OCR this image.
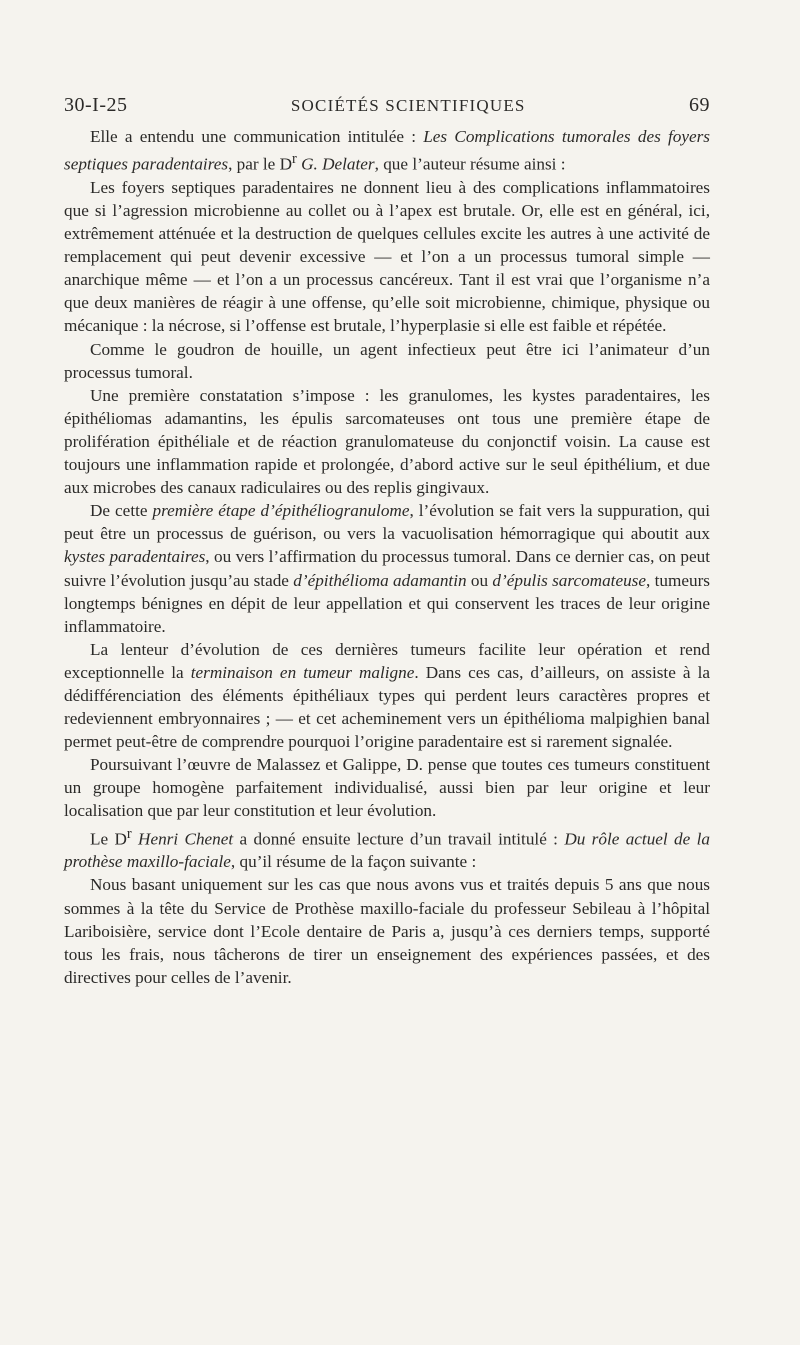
30-I-25	SOCIÉTÉS SCIENTIFIQUES	69

Elle a entendu une communication intitulée : Les Complications tumorales des foyers septiques paradentaires, par le $D^r$ G. Delater, que l’auteur résume ainsi :

Les foyers septiques paradentaires ne donnent lieu à des complications inflammatoires que si l’agression microbienne au collet ou à l’apex est brutale. Or, elle est en général, ici, extrêmement atténuée et la destruction de quelques cellules excite les autres à une activité de remplacement qui peut devenir excessive — et l’on a un processus tumoral simple — anarchique même — et l’on a un processus cancéreux. Tant il est vrai que l’organisme n’a que deux manières de réagir à une offense, qu’elle soit microbienne, chimique, physique ou mécanique : la nécrose, si l’offense est brutale, l’hyperplasie si elle est faible et répétée.

Comme le goudron de houille, un agent infectieux peut être ici l’animateur d’un processus tumoral.

Une première constatation s’impose : les granulomes, les kystes paradentaires, les épithéliomas adamantins, les épulis sarcomateuses ont tous une première étape de prolifération épithéliale et de réaction granulomateuse du conjonctif voisin. La cause est toujours une inflammation rapide et prolongée, d’abord active sur le seul épithélium, et due aux microbes des canaux radiculaires ou des replis gingivaux.

De cette première étape d’épithéliogranulome, l’évolution se fait vers la suppuration, qui peut être un processus de guérison, ou vers la vacuolisation hémorragique qui aboutit aux kystes paradentaires, ou vers l’affirmation du processus tumoral. Dans ce dernier cas, on peut suivre l’évolution jusqu’au stade d’épithélioma adamantin ou d’épulis sarcomateuse, tumeurs longtemps bénignes en dépit de leur appellation et qui conservent les traces de leur origine inflammatoire.

La lenteur d’évolution de ces dernières tumeurs facilite leur opération et rend exceptionnelle la terminaison en tumeur maligne. Dans ces cas, d’ailleurs, on assiste à la dédifférenciation des éléments épithéliaux types qui perdent leurs caractères propres et redeviennent embryonnaires ; — et cet acheminement vers un épithélioma malpighien banal permet peut-être de comprendre pourquoi l’origine paradentaire est si rarement signalée.

Poursuivant l’œuvre de Malassez et Galippe, D. pense que toutes ces tumeurs constituent un groupe homogène parfaitement individualisé, aussi bien par leur origine et leur localisation que par leur constitution et leur évolution.

Le $D^r$ Henri Chenet a donné ensuite lecture d’un travail intitulé : Du rôle actuel de la prothèse maxillo-faciale, qu’il résume de la façon suivante :

Nous basant uniquement sur les cas que nous avons vus et traités depuis 5 ans que nous sommes à la tête du Service de Prothèse maxillo-faciale du professeur Sebileau à l’hôpital Lariboisière, service dont l’Ecole dentaire de Paris a, jusqu’à ces derniers temps, supporté tous les frais, nous tâcherons de tirer un enseignement des expériences passées, et des directives pour celles de l’avenir.
